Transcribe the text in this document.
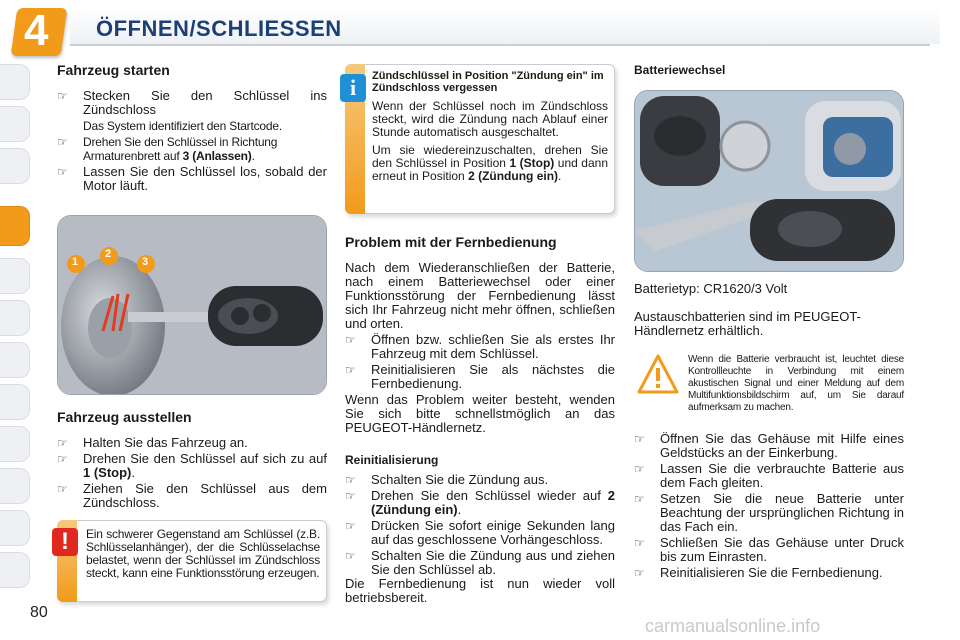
4 ÖFFNEN/SCHLIESSEN
Fahrzeug starten
☞ Stecken Sie den Schlüssel ins Zündschloss
Das System identifiziert den Startcode.
☞ Drehen Sie den Schlüssel in Richtung Armaturenbrett auf 3 (Anlassen).
☞ Lassen Sie den Schlüssel los, sobald der Motor läuft.
1
2
3
Fahrzeug ausstellen
☞ Halten Sie das Fahrzeug an.
☞ Drehen Sie den Schlüssel auf sich zu auf 1 (Stop).
☞ Ziehen Sie den Schlüssel aus dem Zündschloss.
!	Ein schwerer Gegenstand am Schlüssel (z.B. Schlüsselanhänger), der die Schlüsselachse belastet, wenn der Schlüssel im Zündschloss steckt, kann eine Funktionsstörung erzeugen.
i	Zündschlüssel in Position "Zündung ein" im Zündschloss vergessen
Wenn der Schlüssel noch im Zündschloss steckt, wird die Zündung nach Ablauf einer Stunde automatisch ausgeschaltet.
Um sie wiedereinzuschalten, drehen Sie den Schlüssel in Position 1 (Stop) und dann erneut in Position 2 (Zündung ein).
Problem mit der Fernbedienung
Nach dem Wiederanschließen der Batterie, nach einem Batteriewechsel oder einer Funktionsstörung der Fernbedienung lässt sich Ihr Fahrzeug nicht mehr öffnen, schließen und orten.
☞ Öffnen bzw. schließen Sie als erstes Ihr Fahrzeug mit dem Schlüssel.
☞ Reinitialisieren Sie als nächstes die Fernbedienung.
Wenn das Problem weiter besteht, wenden Sie sich bitte schnellstmöglich an das PEUGEOT-Händlernetz.
Reinitialisierung
☞ Schalten Sie die Zündung aus.
☞ Drehen Sie den Schlüssel wieder auf 2 (Zündung ein).
☞ Drücken Sie sofort einige Sekunden lang auf das geschlossene Vorhängeschloss.
☞ Schalten Sie die Zündung aus und ziehen Sie den Schlüssel ab.
Die Fernbedienung ist nun wieder voll betriebsbereit.
Batteriewechsel
Batterietyp: CR1620/3 Volt
Austauschbatterien sind im PEUGEOT-Händlernetz erhältlich.
Wenn die Batterie verbraucht ist, leuchtet diese Kontrollleuchte in Verbindung mit einem akustischen Signal und einer Meldung auf dem Multifunktionsbildschirm auf, um Sie darauf aufmerksam zu machen.
☞ Öffnen Sie das Gehäuse mit Hilfe eines Geldstücks an der Einkerbung.
☞ Lassen Sie die verbrauchte Batterie aus dem Fach gleiten.
☞ Setzen Sie die neue Batterie unter Beachtung der ursprünglichen Richtung in das Fach ein.
☞ Schließen Sie das Gehäuse unter Druck bis zum Einrasten.
☞ Reinitialisieren Sie die Fernbedienung.
80
carmanualsonline.info
